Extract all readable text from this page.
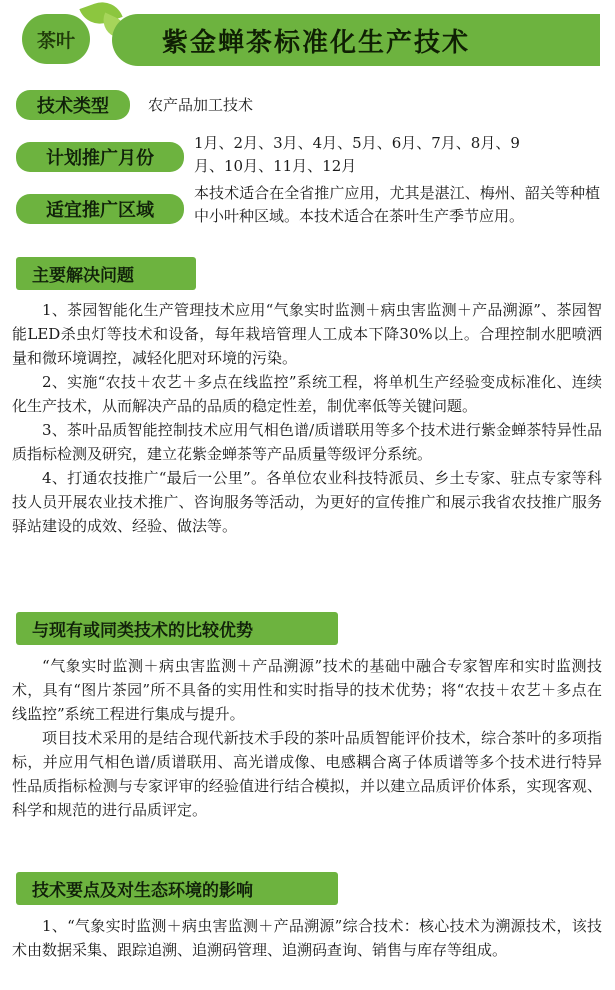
茶叶	紫金蝉茶标准化生产技术
技术类型	农产品加工技术
计划推广月份
1月、2月、3月、4月、5月、6月、7月、8月、9月、10月、11月、12月
适宜推广区域
本技术适合在全省推广应用，尤其是湛江、梅州、韶关等种植中小叶种区域。本技术适合在茶叶生产季节应用。
主要解决问题
1、茶园智能化生产管理技术应用“气象实时监测＋病虫害监测＋产品溯源”、茶园智能LED杀虫灯等技术和设备，每年栽培管理人工成本下降30%以上。合理控制水肥喷洒量和微环境调控，减轻化肥对环境的污染。
2、实施“农技＋农艺＋多点在线监控”系统工程，将单机生产经验变成标准化、连续化生产技术，从而解决产品的品质的稳定性差，制优率低等关键问题。
3、茶叶品质智能控制技术应用气相色谱/质谱联用等多个技术进行紫金蝉茶特异性品质指标检测及研究，建立花紫金蝉茶等产品质量等级评分系统。
4、打通农技推广“最后一公里”。各单位农业科技特派员、乡土专家、驻点专家等科技人员开展农业技术推广、咨询服务等活动，为更好的宣传推广和展示我省农技推广服务驿站建设的成效、经验、做法等。
与现有或同类技术的比较优势
“气象实时监测＋病虫害监测＋产品溯源”技术的基础中融合专家智库和实时监测技术，具有“图片茶园”所不具备的实用性和实时指导的技术优势；将“农技＋农艺＋多点在线监控”系统工程进行集成与提升。
项目技术采用的是结合现代新技术手段的茶叶品质智能评价技术，综合茶叶的多项指标，并应用气相色谱/质谱联用、高光谱成像、电感耦合离子体质谱等多个技术进行特异性品质指标检测与专家评审的经验值进行结合模拟，并以建立品质评价体系，实现客观、科学和规范的进行品质评定。
技术要点及对生态环境的影响
1、“气象实时监测＋病虫害监测＋产品溯源”综合技术：核心技术为溯源技术，该技术由数据采集、跟踪追溯、追溯码管理、追溯码查询、销售与库存等组成。
